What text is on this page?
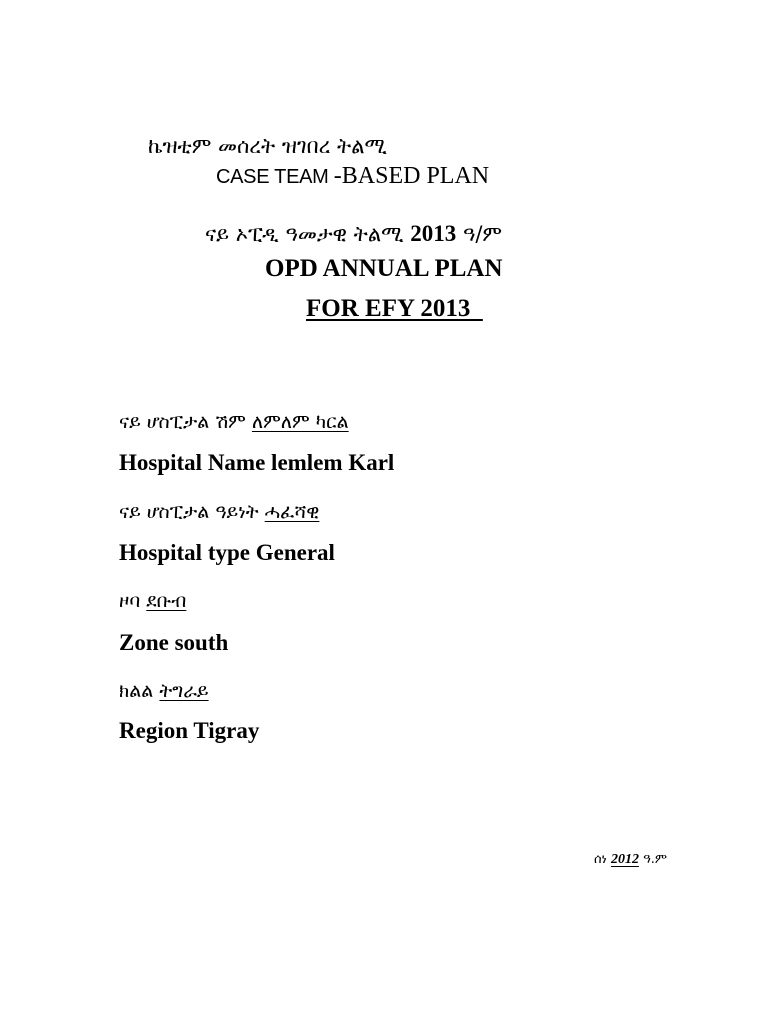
ኬዝቲም መሰረት ዝገበረ ትልሚ
CASE TEAM -BASED PLAN
ናይ ኦፒዲ ዓመታዊ ትልሚ 2013 ዓ/ም
OPD ANNUAL PLAN
FOR EFY 2013
ናይ ሆስፒታል ሽም ለምለም ካርል
Hospital Name lemlem Karl
ናይ ሆስፒታል ዓይነት ሓፈሻዊ
Hospital type General
ዞባ ደቡብ
Zone south
ክልል ትግራይ
Region Tigray
ሰነ 2012 ዓ.ም
